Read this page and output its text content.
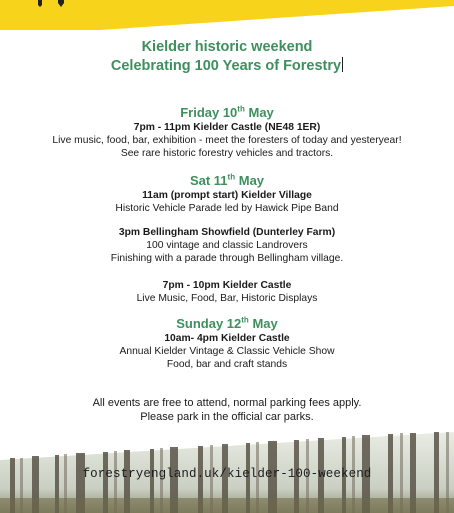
Kielder historic weekend
Celebrating 100 Years of Forestry
Friday 10th May
7pm - 11pm Kielder Castle (NE48 1ER)
Live music, food, bar, exhibition - meet the foresters of today and yesteryear!
See rare historic forestry vehicles and tractors.
Sat 11th May
11am (prompt start) Kielder Village
Historic Vehicle Parade led by Hawick Pipe Band
3pm Bellingham Showfield (Dunterley Farm)
100 vintage and classic Landrovers
Finishing with a parade through Bellingham village.
7pm - 10pm Kielder Castle
Live Music, Food, Bar, Historic Displays
Sunday 12th May
10am- 4pm Kielder Castle
Annual Kielder Vintage & Classic Vehicle Show
Food, bar and craft stands
All events are free to attend, normal parking fees apply.
Please park in the official car parks.
forestryengland.uk/kielder-100-weekend
